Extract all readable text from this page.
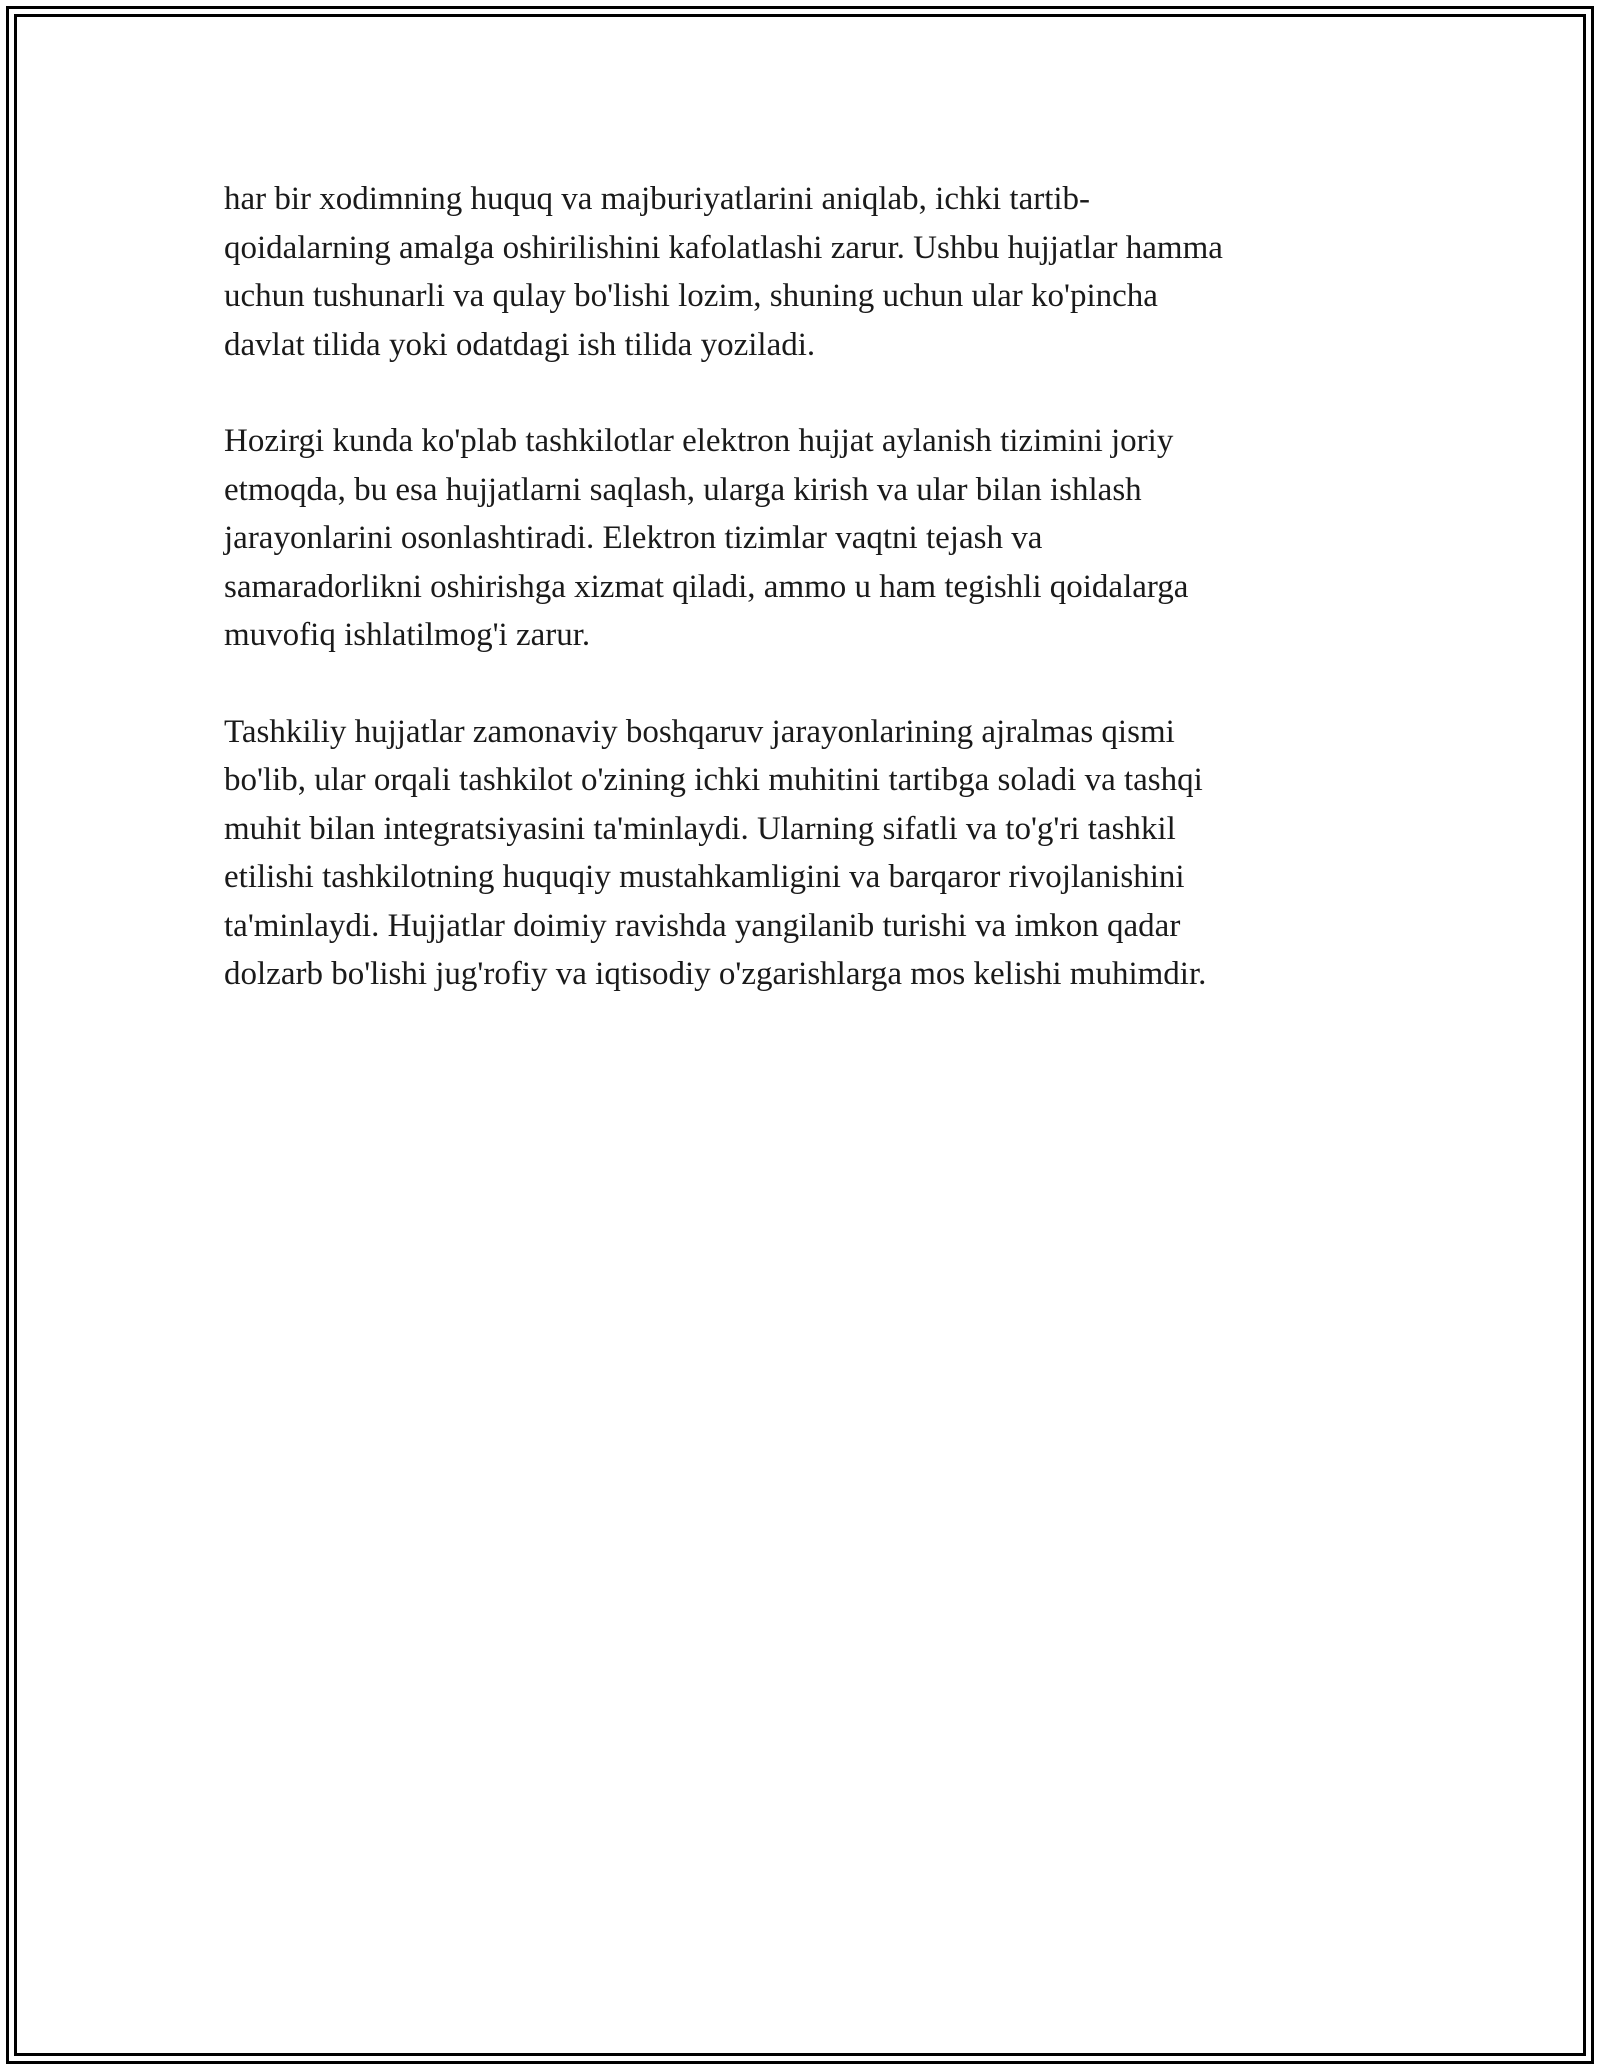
har bir xodimning huquq va majburiyatlarini aniqlab, ichki tartib-
qoidalarning amalga oshirilishini kafolatlashi zarur. Ushbu hujjatlar hamma
uchun tushunarli va qulay bo'lishi lozim, shuning uchun ular ko'pincha
davlat tilida yoki odatdagi ish tilida yoziladi.

Hozirgi kunda ko'plab tashkilotlar elektron hujjat aylanish tizimini joriy
etmoqda, bu esa hujjatlarni saqlash, ularga kirish va ular bilan ishlash
jarayonlarini osonlashtiradi. Elektron tizimlar vaqtni tejash va
samaradorlikni oshirishga xizmat qiladi, ammo u ham tegishli qoidalarga
muvofiq ishlatilmog'i zarur.

Tashkiliy hujjatlar zamonaviy boshqaruv jarayonlarining ajralmas qismi
bo'lib, ular orqali tashkilot o'zining ichki muhitini tartibga soladi va tashqi
muhit bilan integratsiyasini ta'minlaydi. Ularning sifatli va to'g'ri tashkil
etilishi tashkilotning huquqiy mustahkamligini va barqaror rivojlanishini
ta'minlaydi. Hujjatlar doimiy ravishda yangilanib turishi va imkon qadar
dolzarb bo'lishi jug'rofiy va iqtisodiy o'zgarishlarga mos kelishi muhimdir.
